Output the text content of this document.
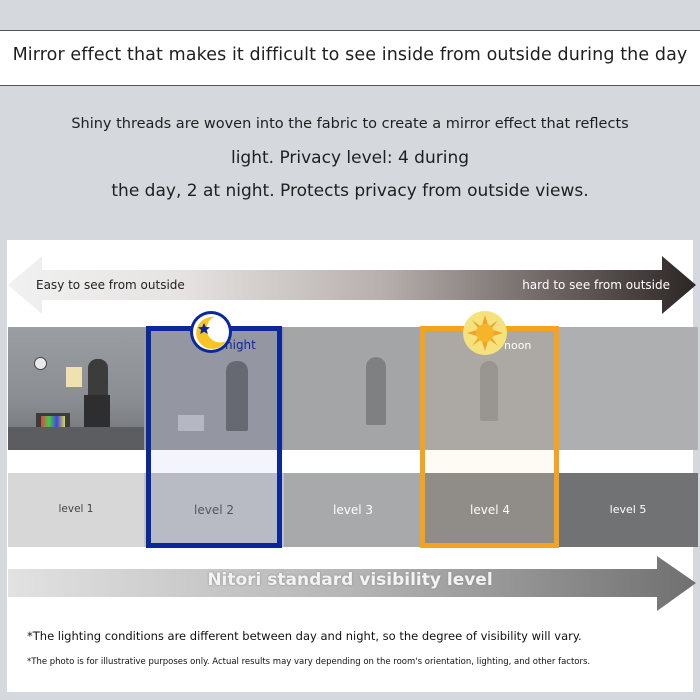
Mirror effect that makes it difficult to see inside from outside during the day
Shiny threads are woven into the fabric to create a mirror effect that reflects
light. Privacy level: 4 during
the day, 2 at night. Protects privacy from outside views.
Easy to see from outside	hard to see from outside
level 1	level 2	level 3	level 4	level 5
night	noon
Nitori standard visibility level
*The lighting conditions are different between day and night, so the degree of visibility will vary.
*The photo is for illustrative purposes only. Actual results may vary depending on the room's orientation, lighting, and other factors.
